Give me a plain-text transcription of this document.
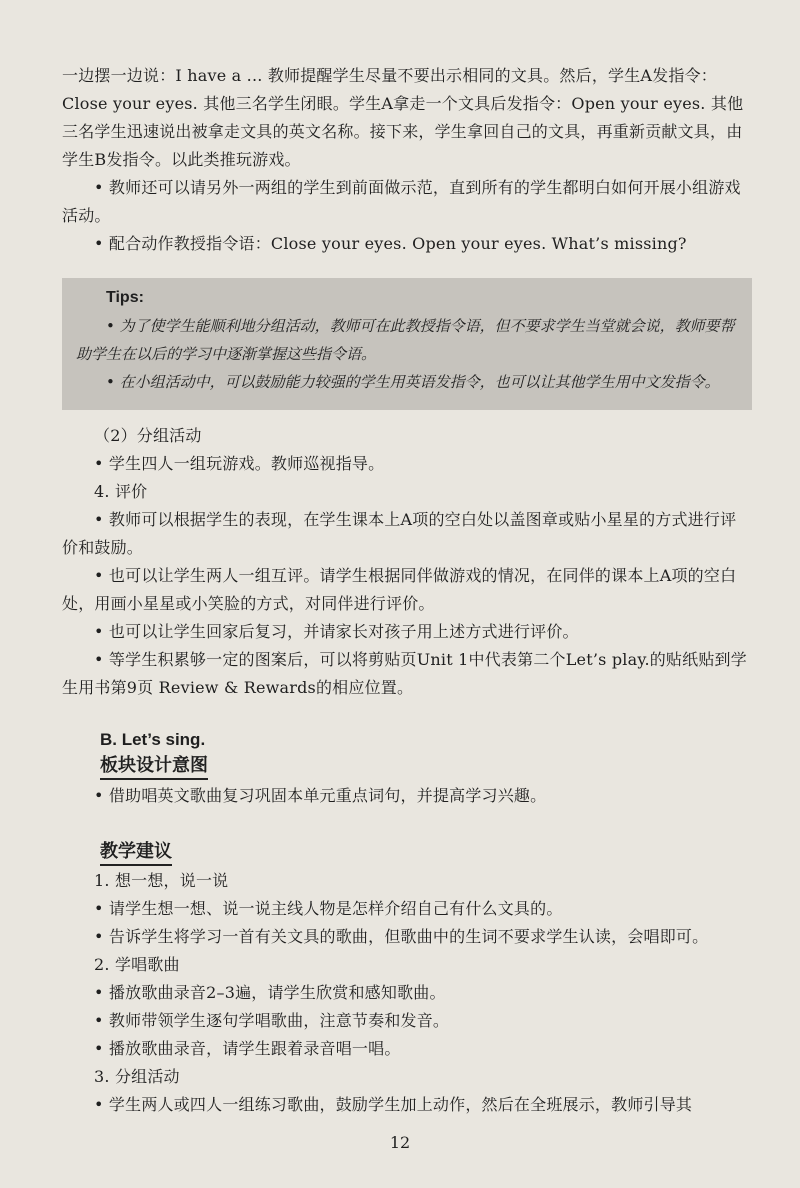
一边摆一边说：I have a ... 教师提醒学生尽量不要出示相同的文具。然后，学生A发指令：Close your eyes. 其他三名学生闭眼。学生A拿走一个文具后发指令：Open your eyes. 其他三名学生迅速说出被拿走文具的英文名称。接下来，学生拿回自己的文具，再重新贡献文具，由学生B发指令。以此类推玩游戏。

• 教师还可以请另外一两组的学生到前面做示范，直到所有的学生都明白如何开展小组游戏活动。

• 配合动作教授指令语：Close your eyes. Open your eyes. What’s missing?

Tips:

• 为了使学生能顺利地分组活动，教师可在此教授指令语，但不要求学生当堂就会说，教师要帮助学生在以后的学习中逐渐掌握这些指令语。

• 在小组活动中，可以鼓励能力较强的学生用英语发指令，也可以让其他学生用中文发指令。

（2）分组活动

• 学生四人一组玩游戏。教师巡视指导。

4. 评价

• 教师可以根据学生的表现，在学生课本上A项的空白处以盖图章或贴小星星的方式进行评价和鼓励。

• 也可以让学生两人一组互评。请学生根据同伴做游戏的情况，在同伴的课本上A项的空白处，用画小星星或小笑脸的方式，对同伴进行评价。

• 也可以让学生回家后复习，并请家长对孩子用上述方式进行评价。

• 等学生积累够一定的图案后，可以将剪贴页Unit 1中代表第二个Let’s play.的贴纸贴到学生用书第9页 Review & Rewards的相应位置。

B. Let’s sing.
板块设计意图

• 借助唱英文歌曲复习巩固本单元重点词句，并提高学习兴趣。

教学建议

1. 想一想，说一说

• 请学生想一想、说一说主线人物是怎样介绍自己有什么文具的。

• 告诉学生将学习一首有关文具的歌曲，但歌曲中的生词不要求学生认读，会唱即可。

2. 学唱歌曲

• 播放歌曲录音2–3遍，请学生欣赏和感知歌曲。

• 教师带领学生逐句学唱歌曲，注意节奏和发音。

• 播放歌曲录音，请学生跟着录音唱一唱。

3. 分组活动

• 学生两人或四人一组练习歌曲，鼓励学生加上动作，然后在全班展示，教师引导其

12
